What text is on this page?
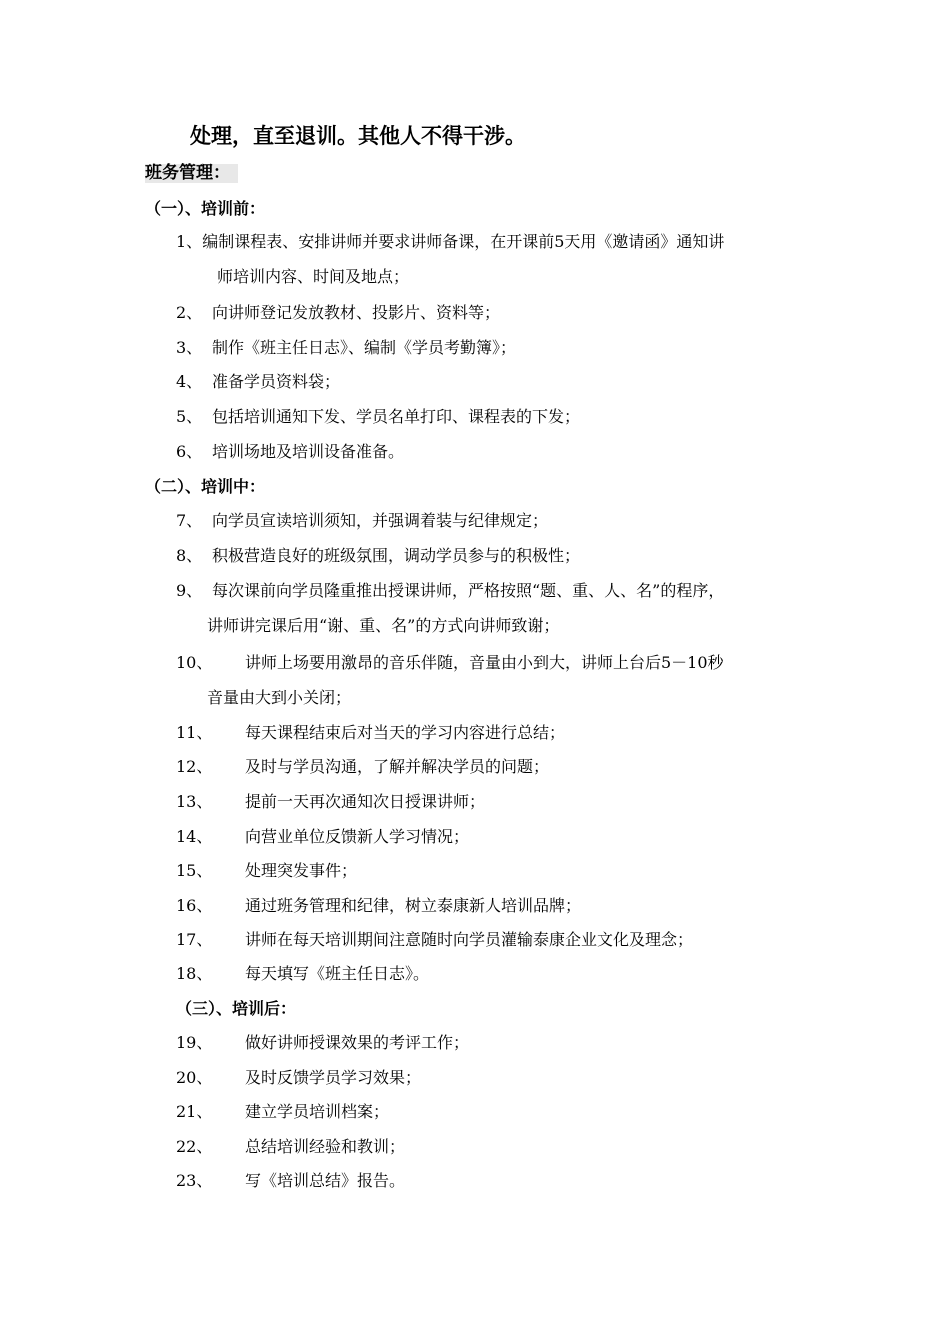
处理，直至退训。其他人不得干涉。
班务管理：
（一）、培训前：
1、编制课程表、安排讲师并要求讲师备课，在开课前5天用《邀请函》通知讲
师培训内容、时间及地点；
2、 向讲师登记发放教材、投影片、资料等；
3、 制作《班主任日志》、编制《学员考勤簿》；
4、 准备学员资料袋；
5、 包括培训通知下发、学员名单打印、课程表的下发；
6、 培训场地及培训设备准备。
（二）、培训中：
7、 向学员宣读培训须知，并强调着装与纪律规定；
8、 积极营造良好的班级氛围，调动学员参与的积极性；
9、 每次课前向学员隆重推出授课讲师，严格按照“题、重、人、名”的程序，
讲师讲完课后用“谢、重、名”的方式向讲师致谢；
10、 讲师上场要用激昂的音乐伴随，音量由小到大，讲师上台后5－10秒
音量由大到小关闭；
11、 每天课程结束后对当天的学习内容进行总结；
12、 及时与学员沟通，了解并解决学员的问题；
13、 提前一天再次通知次日授课讲师；
14、 向营业单位反馈新人学习情况；
15、 处理突发事件；
16、 通过班务管理和纪律，树立泰康新人培训品牌；
17、 讲师在每天培训期间注意随时向学员灌输泰康企业文化及理念；
18、 每天填写《班主任日志》。
（三）、培训后：
19、 做好讲师授课效果的考评工作；
20、 及时反馈学员学习效果；
21、 建立学员培训档案；
22、 总结培训经验和教训；
23、 写《培训总结》报告。
